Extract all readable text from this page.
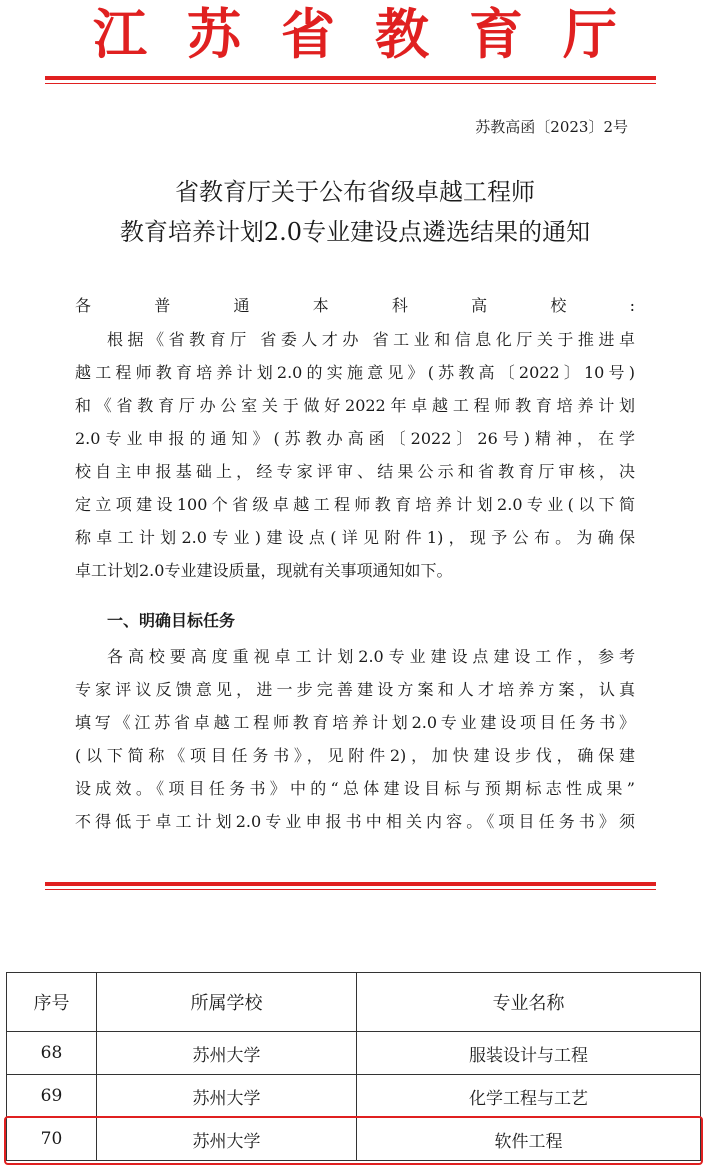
江苏省教育厅
苏教高函〔2023〕2号
省教育厅关于公布省级卓越工程师
教育培养计划2.0专业建设点遴选结果的通知
各普通本科高校:
根据《省教育厅 省委人才办 省工业和信息化厅关于推进卓
越工程师教育培养计划2.0的实施意见》(苏教高〔2022〕10号)
和《省教育厅办公室关于做好2022年卓越工程师教育培养计划
2.0专业申报的通知》(苏教办高函〔2022〕26号)精神，在学
校自主申报基础上，经专家评审、结果公示和省教育厅审核，决
定立项建设100个省级卓越工程师教育培养计划2.0专业(以下简
称卓工计划2.0专业)建设点(详见附件1)，现予公布。为确保
卓工计划2.0专业建设质量，现就有关事项通知如下。
一、明确目标任务
各高校要高度重视卓工计划2.0专业建设点建设工作，参考
专家评议反馈意见，进一步完善建设方案和人才培养方案，认真
填写《江苏省卓越工程师教育培养计划2.0专业建设项目任务书》
(以下简称《项目任务书》，见附件2)，加快建设步伐，确保建
设成效。《项目任务书》中的“总体建设目标与预期标志性成果”
不得低于卓工计划2.0专业申报书中相关内容。《项目任务书》须
序号	所属学校	专业名称
68	苏州大学	服装设计与工程
69	苏州大学	化学工程与工艺
70	苏州大学	软件工程
